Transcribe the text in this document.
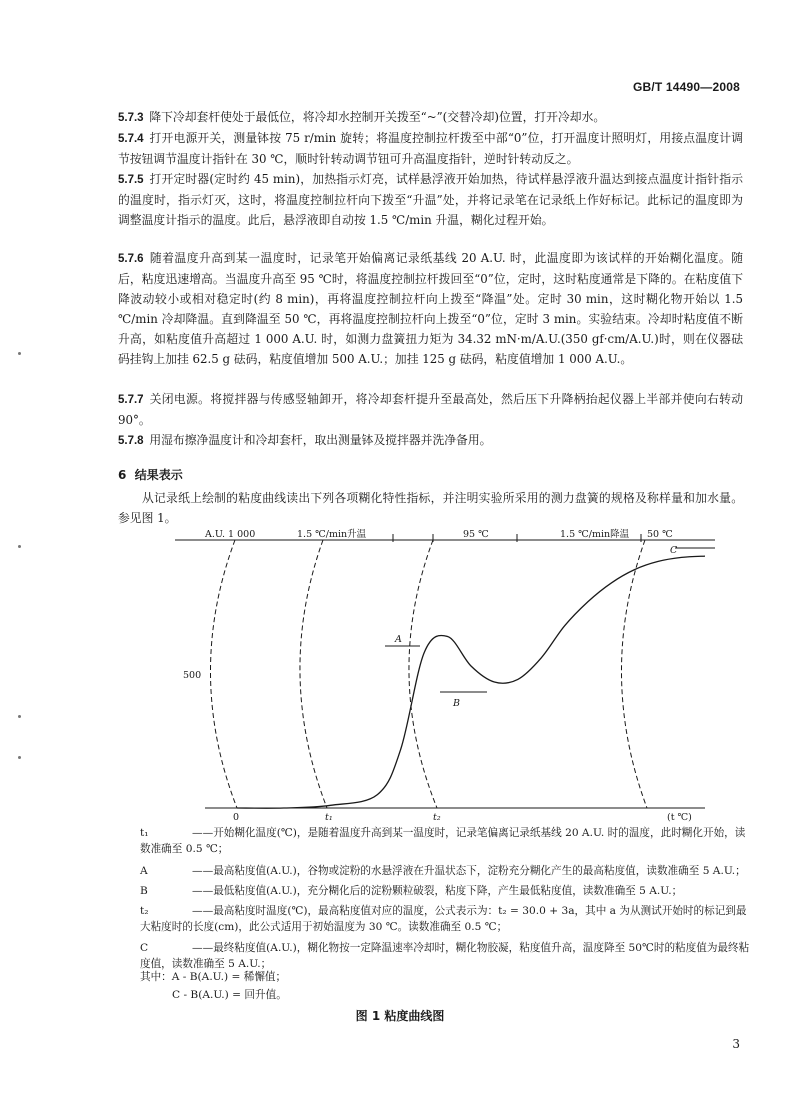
GB/T 14490—2008

5.7.3 降下冷却套杆使处于最低位，将冷却水控制开关拨至“~”(交替冷却)位置，打开冷却水。

5.7.4 打开电源开关，测量钵按 75 r/min 旋转；将温度控制拉杆拨至中部“0”位，打开温度计照明灯，用接点温度计调节按钮调节温度计指针在 30 ℃，顺时针转动调节钮可升高温度指针，逆时针转动反之。

5.7.5 打开定时器(定时约 45 min)，加热指示灯亮，试样悬浮液开始加热，待试样悬浮液升温达到接点温度计指针指示的温度时，指示灯灭，这时，将温度控制拉杆向下拨至“升温”处，并将记录笔在记录纸上作好标记。此标记的温度即为调整温度计指示的温度。此后，悬浮液即自动按 1.5 ℃/min 升温，糊化过程开始。

5.7.6 随着温度升高到某一温度时，记录笔开始偏离记录纸基线 20 A.U. 时，此温度即为该试样的开始糊化温度。随后，粘度迅速增高。当温度升高至 95 ℃时，将温度控制拉杆拨回至“0”位，定时，这时粘度通常是下降的。在粘度值下降波动较小或相对稳定时(约 8 min)，再将温度控制拉杆向上拨至“降温”处。定时 30 min，这时糊化物开始以 1.5 ℃/min 冷却降温。直到降温至 50 ℃，再将温度控制拉杆向上拨至“0”位，定时 3 min。实验结束。冷却时粘度值不断升高，如粘度值升高超过 1 000 A.U. 时，如测力盘簧扭力矩为 34.32 mN·m/A.U.(350 gf·cm/A.U.)时，则在仪器砝码挂钩上加挂 62.5 g 砝码，粘度值增加 500 A.U.；加挂 125 g 砝码，粘度值增加 1 000 A.U.。

5.7.7 关闭电源。将搅拌器与传感竖轴卸开，将冷却套杆提升至最高处，然后压下升降柄抬起仪器上半部并使向右转动 90°。

5.7.8 用湿布擦净温度计和冷却套杆，取出测量钵及搅拌器并洗净备用。

6 结果表示

从记录纸上绘制的粘度曲线读出下列各项糊化特性指标，并注明实验所采用的测力盘簧的规格及称样量和加水量。参见图 1。

A.U. 1 000	1.5 ℃/min升温	95 ℃	1.5 ℃/min降温 50 ℃
A
B
C
500
0	t₁	t₂	(t ℃)
t₁	——开始糊化温度(℃)，是随着温度升高到某一温度时，记录笔偏离记录纸基线 20 A.U. 时的温度，此时糊化开始，读数准确至 0.5 ℃；
A	——最高粘度值(A.U.)，谷物或淀粉的水悬浮液在升温状态下，淀粉充分糊化产生的最高粘度值，读数准确至 5 A.U.；
B	——最低粘度值(A.U.)，充分糊化后的淀粉颗粒破裂，粘度下降，产生最低粘度值，读数准确至 5 A.U.；
t₂	——最高粘度时温度(℃)，最高粘度值对应的温度，公式表示为：t₂ = 30.0 + 3a，其中 a 为从测试开始时的标记到最大粘度时的长度(cm)，此公式适用于初始温度为 30 ℃。读数准确至 0.5 ℃；
C	——最终粘度值(A.U.)，糊化物按一定降温速率冷却时，糊化物胶凝，粘度值升高，温度降至 50℃时的粘度值为最终粘度值，读数准确至 5 A.U.；
其中：A - B(A.U.) = 稀懈值；
C - B(A.U.) = 回升值。
图 1 粘度曲线图
3
